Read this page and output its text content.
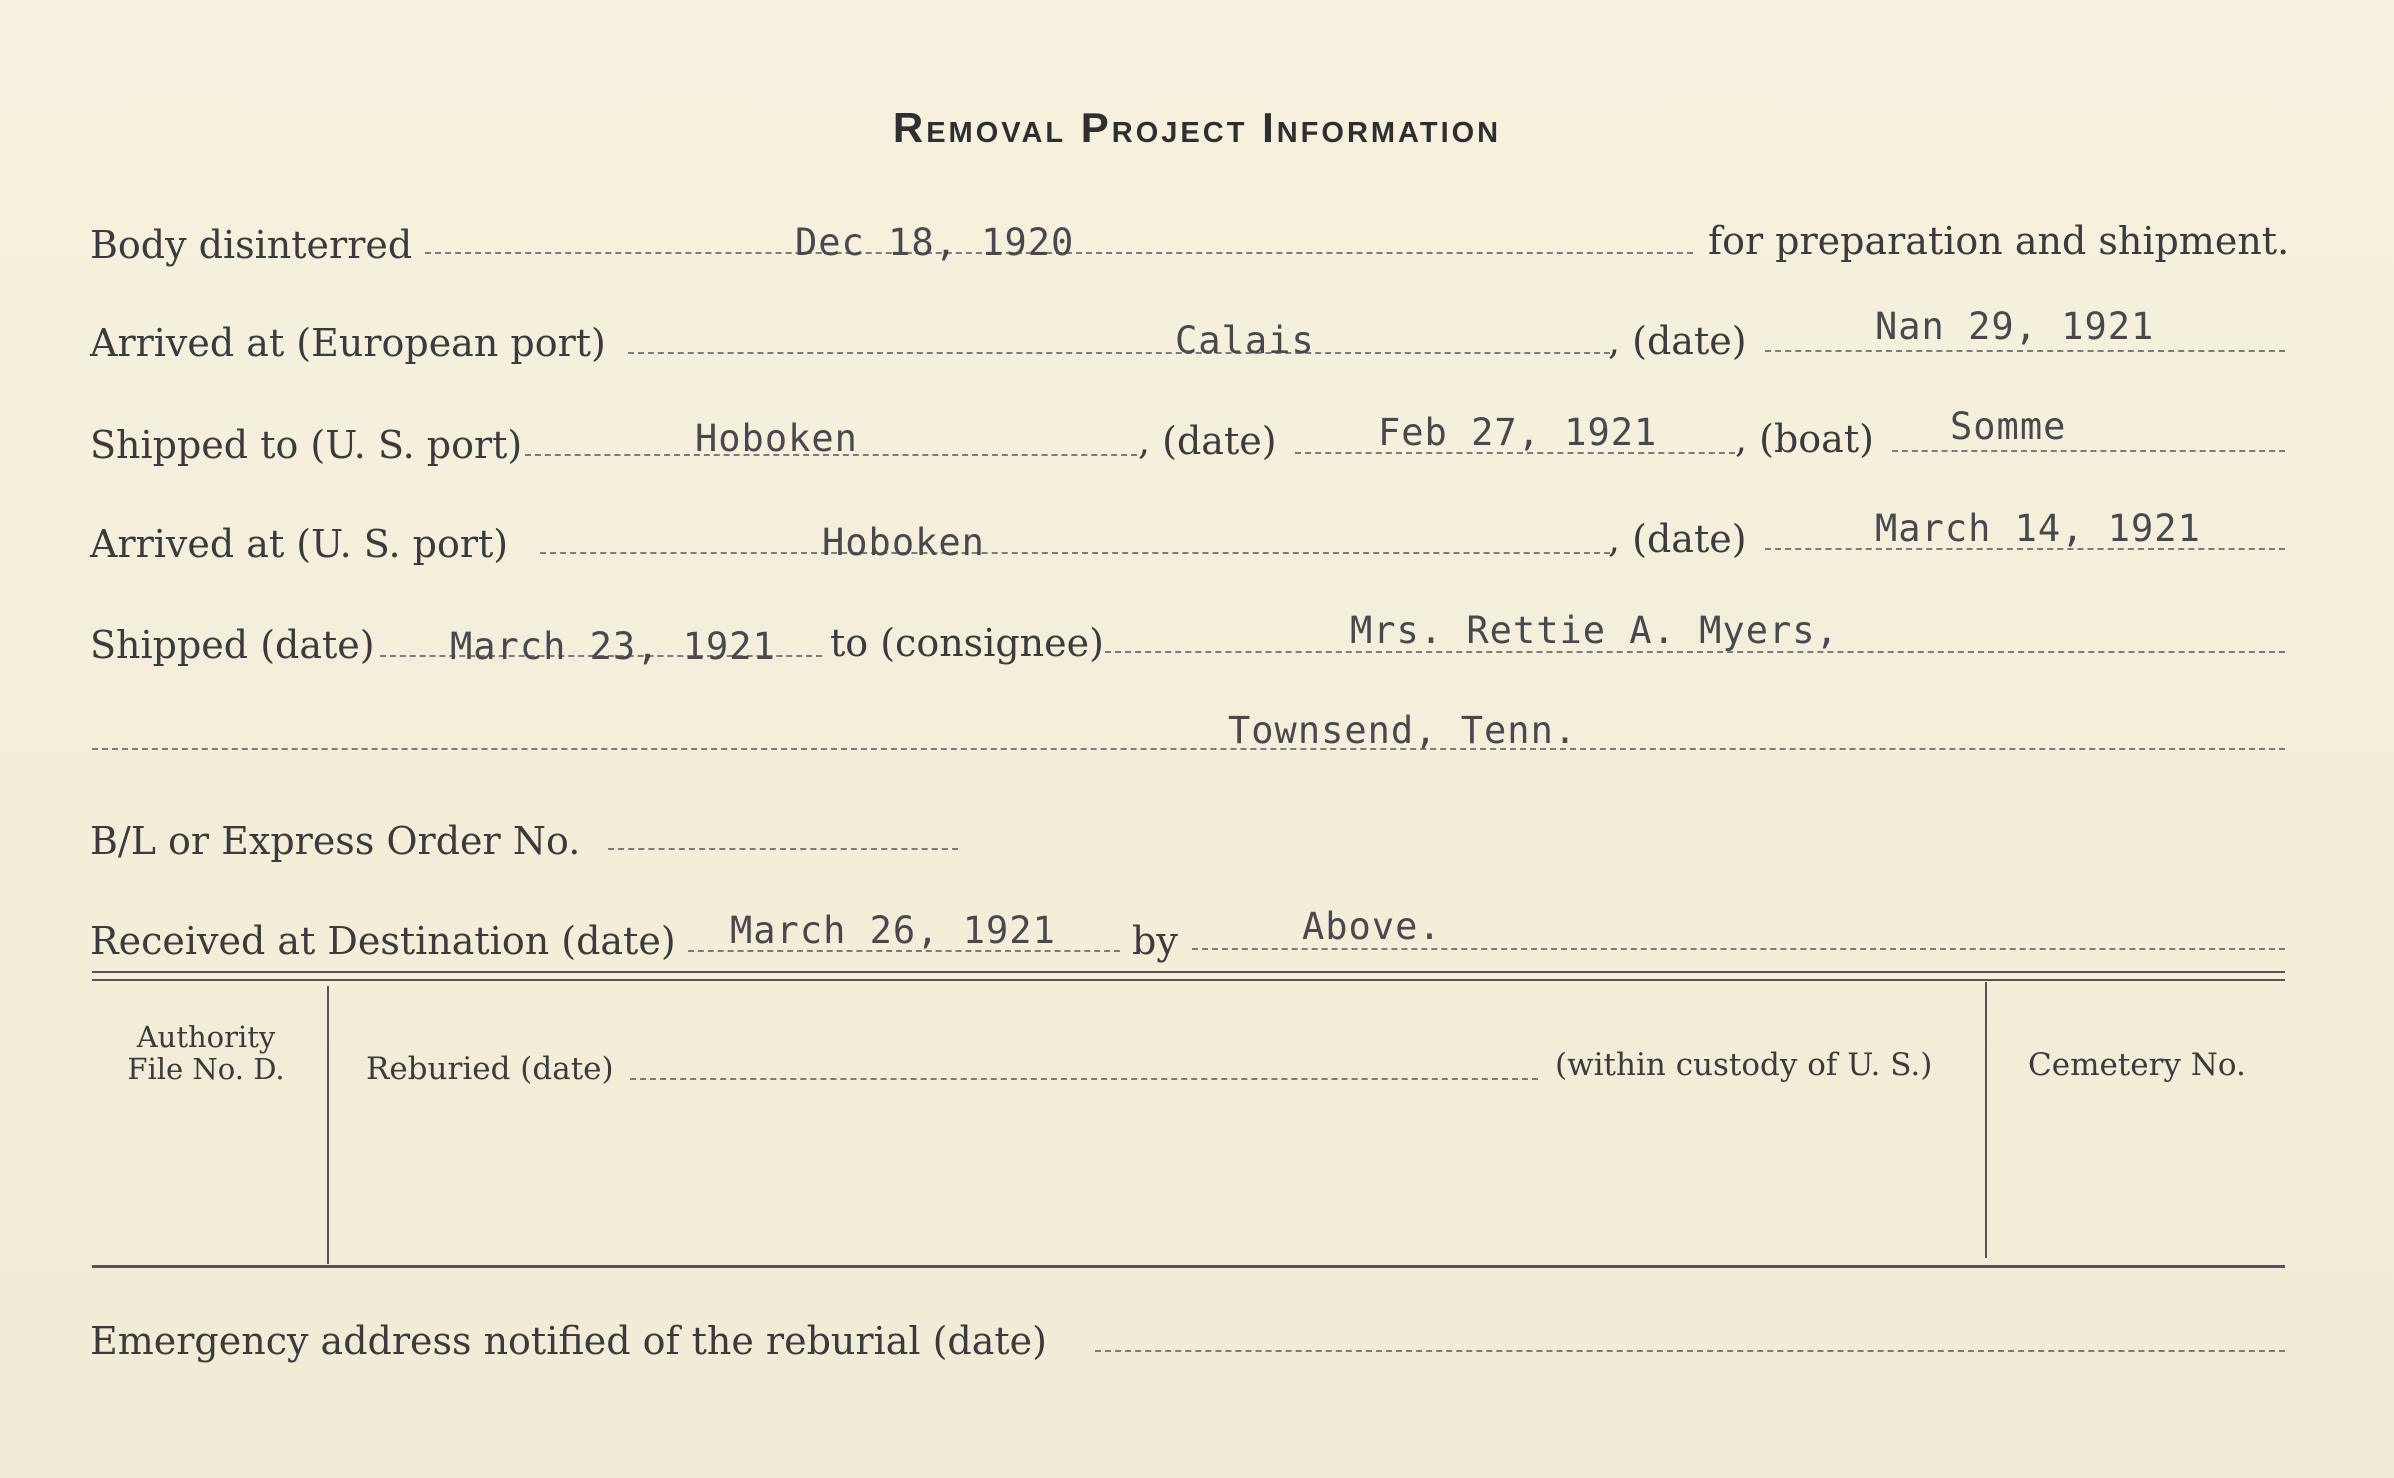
Removal Project Information
Body disinterred	Dec 18, 1920	for preparation and shipment.
Arrived at (European port)	Calais	, (date)	Nan 29, 1921
Shipped to (U. S. port)	Hoboken	, (date)	Feb 27, 1921 , (boat) Somme
Arrived at (U. S. port)	Hoboken	, (date)	March 14, 1921
Shipped (date) March 23, 1921 to (consignee)	Mrs. Rettie A. Myers,
Townsend, Tenn.
B/L or Express Order No.
Received at Destination (date) March 26, 1921 by	Above.
Authority
File No. D.	Reburied (date)	(within custody of U. S.)	Cemetery No.
Emergency address notified of the reburial (date)
